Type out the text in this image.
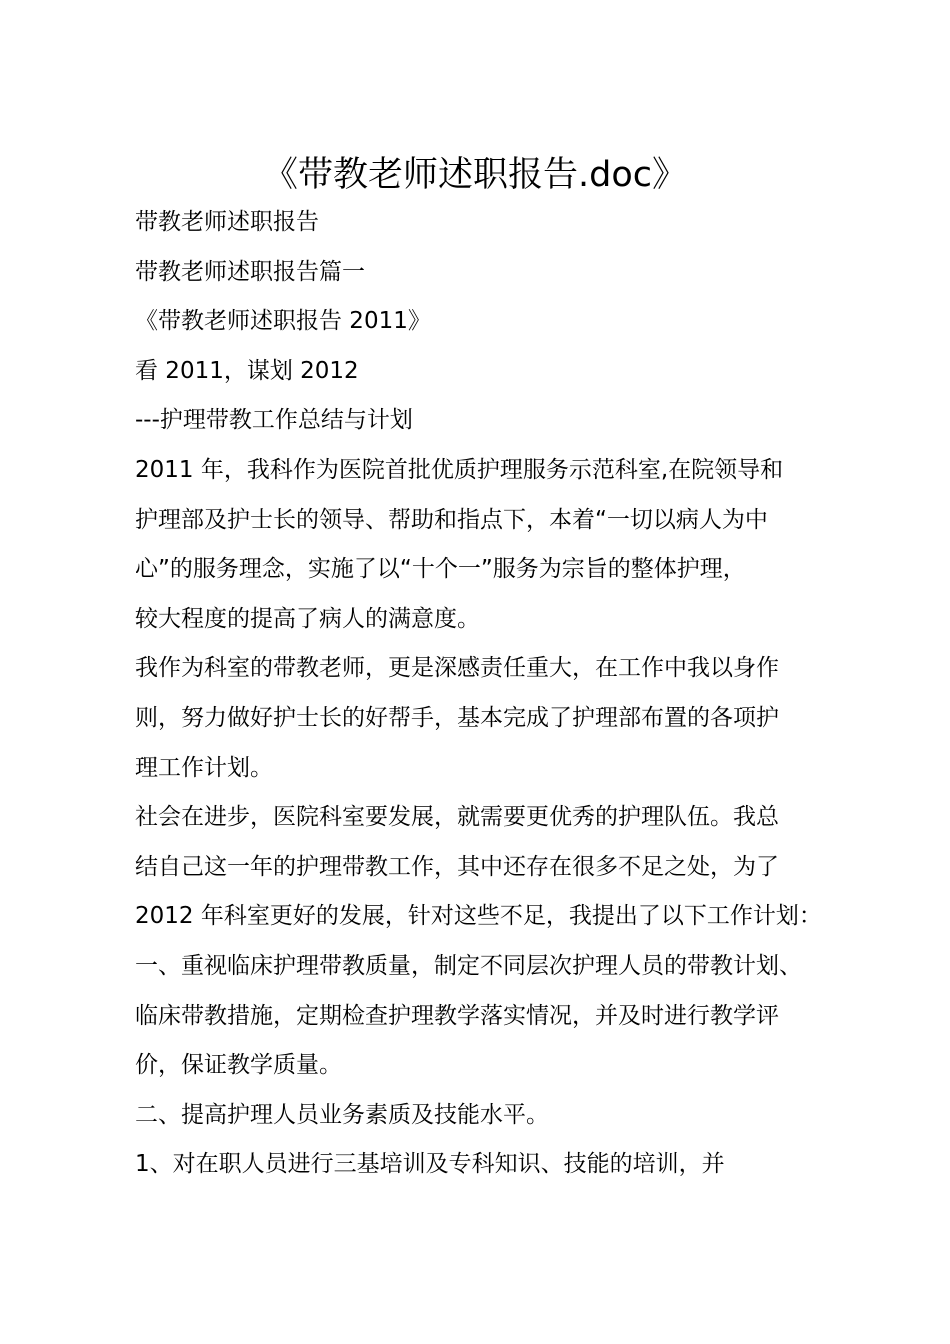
《带教老师述职报告.doc》

带教老师述职报告

带教老师述职报告篇一

《带教老师述职报告 2011》

看 2011，谋划 2012

---护理带教工作总结与计划

2011 年，我科作为医院首批优质护理服务示范科室,在院领导和

护理部及护士长的领导、帮助和指点下，本着“一切以病人为中

心”的服务理念，实施了以“十个一”服务为宗旨的整体护理，

较大程度的提高了病人的满意度。

我作为科室的带教老师，更是深感责任重大，在工作中我以身作

则，努力做好护士长的好帮手，基本完成了护理部布置的各项护

理工作计划。

社会在进步，医院科室要发展，就需要更优秀的护理队伍。我总

结自己这一年的护理带教工作，其中还存在很多不足之处，为了

2012 年科室更好的发展，针对这些不足，我提出了以下工作计划：

一、重视临床护理带教质量，制定不同层次护理人员的带教计划、

临床带教措施，定期检查护理教学落实情况，并及时进行教学评

价，保证教学质量。

二、提高护理人员业务素质及技能水平。

1、对在职人员进行三基培训及专科知识、技能的培训，并
